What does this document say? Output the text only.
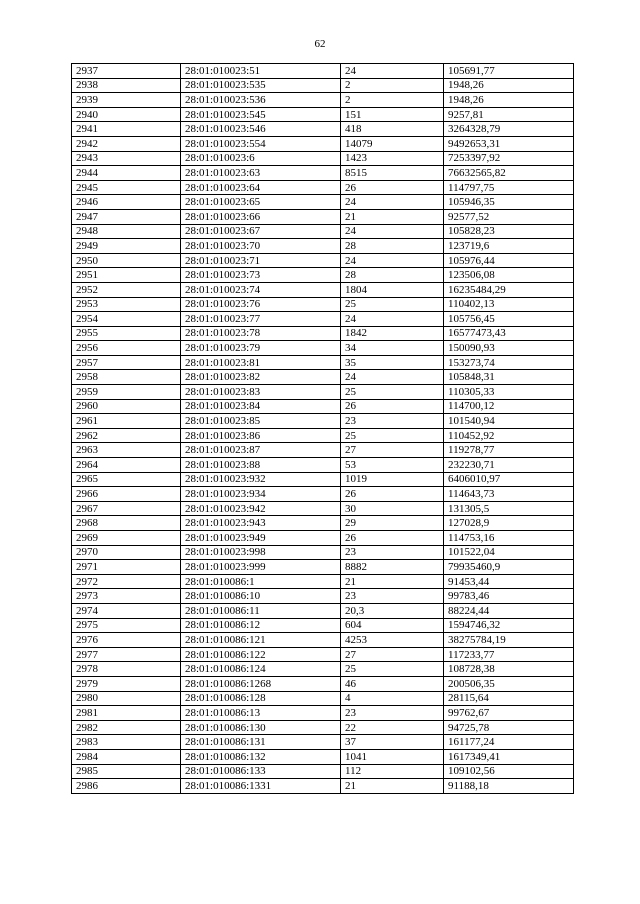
62
2937	28:01:010023:51	24	105691,77
2938	28:01:010023:535	2	1948,26
2939	28:01:010023:536	2	1948,26
2940	28:01:010023:545	151	9257,81
2941	28:01:010023:546	418	3264328,79
2942	28:01:010023:554	14079	9492653,31
2943	28:01:010023:6	1423	7253397,92
2944	28:01:010023:63	8515	76632565,82
2945	28:01:010023:64	26	114797,75
2946	28:01:010023:65	24	105946,35
2947	28:01:010023:66	21	92577,52
2948	28:01:010023:67	24	105828,23
2949	28:01:010023:70	28	123719,6
2950	28:01:010023:71	24	105976,44
2951	28:01:010023:73	28	123506,08
2952	28:01:010023:74	1804	16235484,29
2953	28:01:010023:76	25	110402,13
2954	28:01:010023:77	24	105756,45
2955	28:01:010023:78	1842	16577473,43
2956	28:01:010023:79	34	150090,93
2957	28:01:010023:81	35	153273,74
2958	28:01:010023:82	24	105848,31
2959	28:01:010023:83	25	110305,33
2960	28:01:010023:84	26	114700,12
2961	28:01:010023:85	23	101540,94
2962	28:01:010023:86	25	110452,92
2963	28:01:010023:87	27	119278,77
2964	28:01:010023:88	53	232230,71
2965	28:01:010023:932	1019	6406010,97
2966	28:01:010023:934	26	114643,73
2967	28:01:010023:942	30	131305,5
2968	28:01:010023:943	29	127028,9
2969	28:01:010023:949	26	114753,16
2970	28:01:010023:998	23	101522,04
2971	28:01:010023:999	8882	79935460,9
2972	28:01:010086:1	21	91453,44
2973	28:01:010086:10	23	99783,46
2974	28:01:010086:11	20,3	88224,44
2975	28:01:010086:12	604	1594746,32
2976	28:01:010086:121	4253	38275784,19
2977	28:01:010086:122	27	117233,77
2978	28:01:010086:124	25	108728,38
2979	28:01:010086:1268	46	200506,35
2980	28:01:010086:128	4	28115,64
2981	28:01:010086:13	23	99762,67
2982	28:01:010086:130	22	94725,78
2983	28:01:010086:131	37	161177,24
2984	28:01:010086:132	1041	1617349,41
2985	28:01:010086:133	112	109102,56
2986	28:01:010086:1331	21	91188,18
